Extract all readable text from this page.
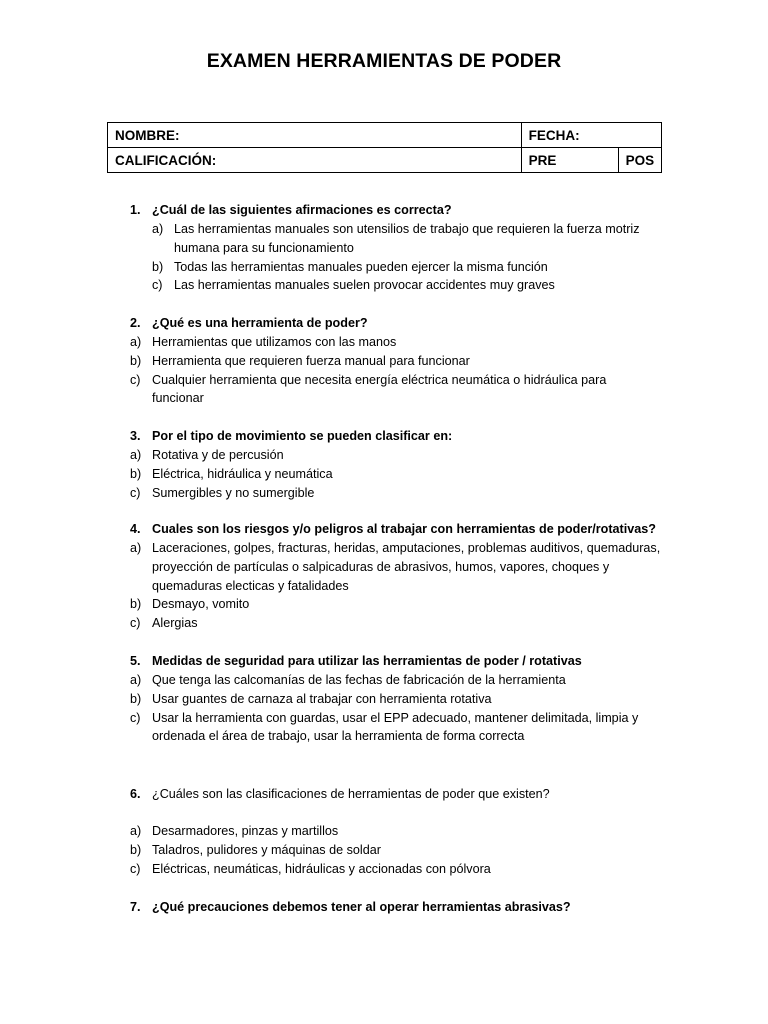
EXAMEN HERRAMIENTAS DE PODER
NOMBRE:	FECHA:	
CALIFICACIÓN:	PRE	POS
1. ¿Cuál de las siguientes afirmaciones es correcta?
a) Las herramientas manuales son utensilios de trabajo que requieren la fuerza motriz
humana para su funcionamiento
b) Todas las herramientas manuales pueden ejercer la misma función
c) Las herramientas manuales suelen provocar accidentes muy graves
2. ¿Qué es una herramienta de poder?
a) Herramientas que utilizamos con las manos
b) Herramienta que requieren fuerza manual para funcionar
c) Cualquier herramienta que necesita energía eléctrica neumática o hidráulica para
funcionar
3. Por el tipo de movimiento se pueden clasificar en:
a) Rotativa y de percusión
b) Eléctrica, hidráulica y neumática
c) Sumergibles y no sumergible
4. Cuales son los riesgos y/o peligros al trabajar con herramientas de poder/rotativas?
a) Laceraciones, golpes, fracturas, heridas, amputaciones, problemas auditivos, quemaduras,
proyección de partículas o salpicaduras de abrasivos, humos, vapores, choques y
quemaduras electicas y fatalidades
b) Desmayo, vomito
c) Alergias
5. Medidas de seguridad para utilizar las herramientas de poder / rotativas
a) Que tenga las calcomanías de las fechas de fabricación de la herramienta
b) Usar guantes de carnaza al trabajar con herramienta rotativa
c) Usar la herramienta con guardas, usar el EPP adecuado, mantener delimitada, limpia y
ordenada el área de trabajo, usar la herramienta de forma correcta
6. ¿Cuáles son las clasificaciones de herramientas de poder que existen?
a) Desarmadores, pinzas y martillos
b) Taladros, pulidores y máquinas de soldar
c) Eléctricas, neumáticas, hidráulicas y accionadas con pólvora
7. ¿Qué precauciones debemos tener al operar herramientas abrasivas?
